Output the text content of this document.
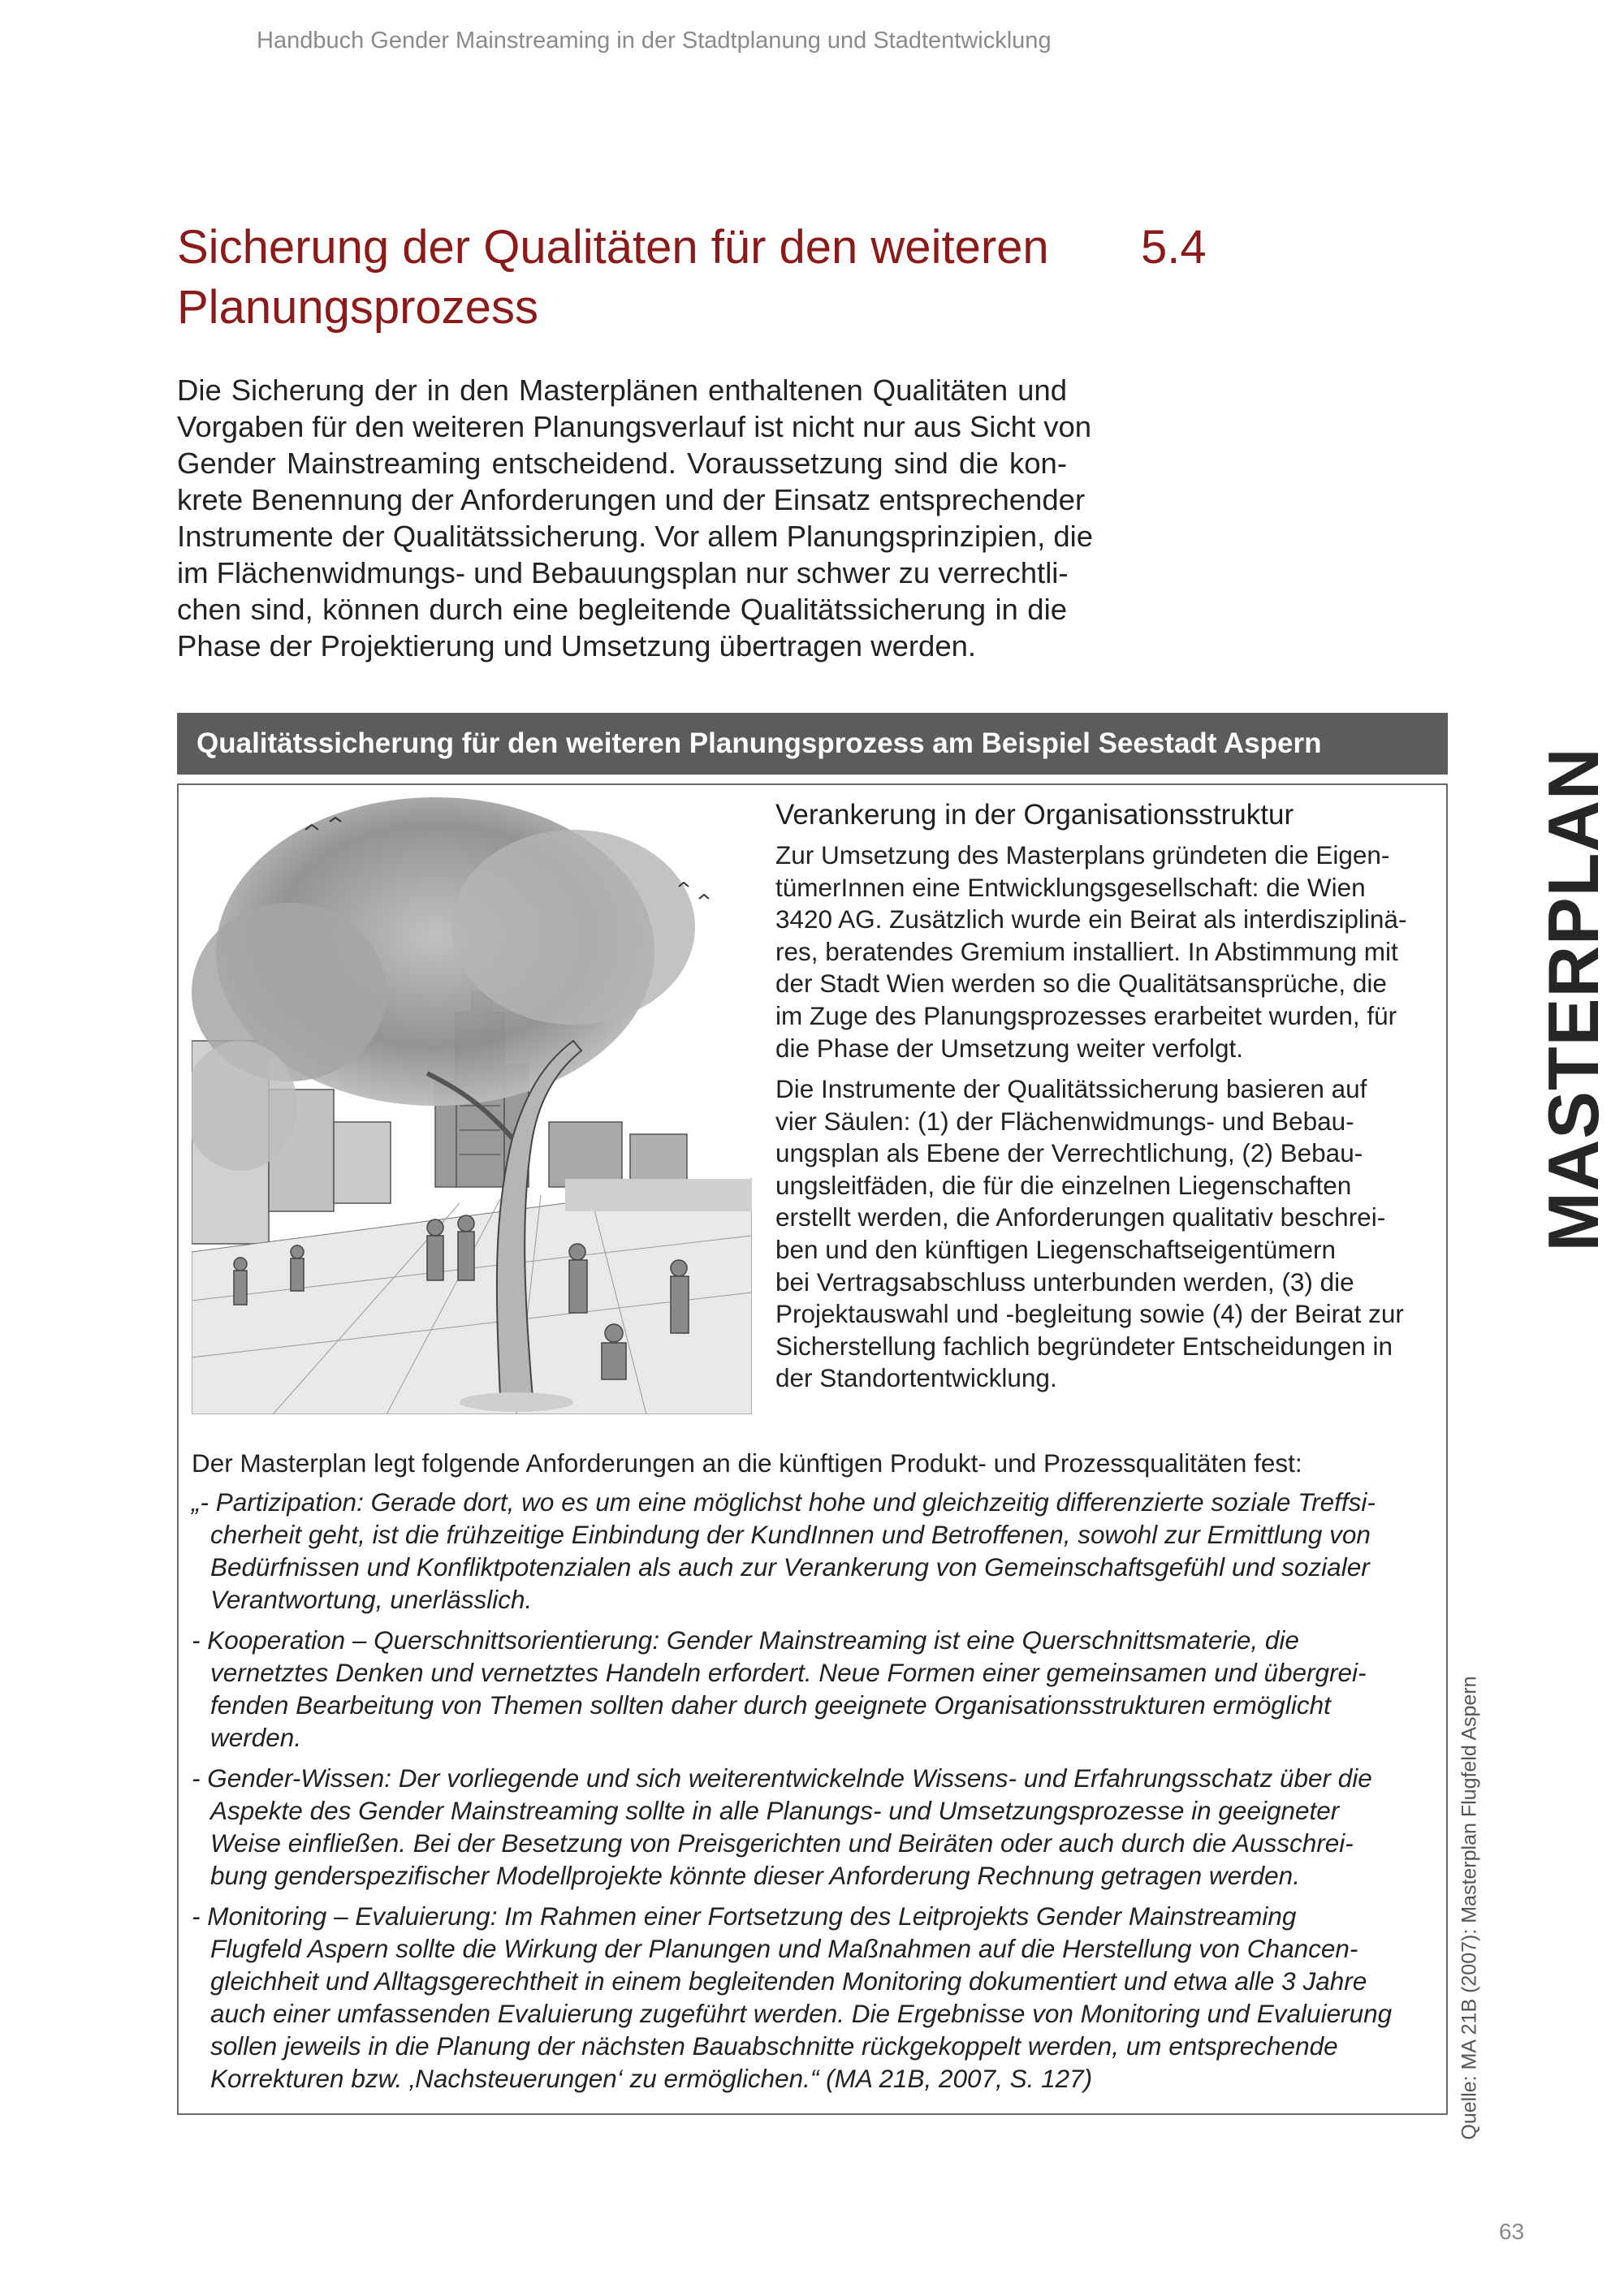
Handbuch Gender Mainstreaming in der Stadtplanung und Stadtentwicklung
Sicherung der Qualitäten für den weiteren
Planungsprozess
5.4
Die Sicherung der in den Masterplänen enthaltenen Qualitäten und
Vorgaben für den weiteren Planungsverlauf ist nicht nur aus Sicht von
Gender Mainstreaming entscheidend. Voraussetzung sind die kon-
krete Benennung der Anforderungen und der Einsatz entsprechender
Instrumente der Qualitätssicherung. Vor allem Planungsprinzipien, die
im Flächenwidmungs- und Bebauungsplan nur schwer zu verrechtli-
chen sind, können durch eine begleitende Qualitätssicherung in die
Phase der Projektierung und Umsetzung übertragen werden.
Qualitätssicherung für den weiteren Planungsprozess am Beispiel Seestadt Aspern
Verankerung in der Organisationsstruktur
Zur Umsetzung des Masterplans gründeten die Eigen-
tümerInnen eine Entwicklungsgesellschaft: die Wien
3420 AG. Zusätzlich wurde ein Beirat als interdisziplinä-
res, beratendes Gremium installiert. In Abstimmung mit
der Stadt Wien werden so die Qualitätsansprüche, die
im Zuge des Planungsprozesses erarbeitet wurden, für
die Phase der Umsetzung weiter verfolgt.
Die Instrumente der Qualitätssicherung basieren auf
vier Säulen: (1) der Flächenwidmungs- und Bebau-
ungsplan als Ebene der Verrechtlichung, (2) Bebau-
ungsleitfäden, die für die einzelnen Liegenschaften
erstellt werden, die Anforderungen qualitativ beschrei-
ben und den künftigen Liegenschaftseigentümern
bei Vertragsabschluss unterbunden werden, (3) die
Projektauswahl und -begleitung sowie (4) der Beirat zur
Sicherstellung fachlich begründeter Entscheidungen in
der Standortentwicklung.
Der Masterplan legt folgende Anforderungen an die künftigen Produkt- und Prozessqualitäten fest:
„- Partizipation: Gerade dort, wo es um eine möglichst hohe und gleichzeitig differenzierte soziale Treffsi-
cherheit geht, ist die frühzeitige Einbindung der KundInnen und Betroffenen, sowohl zur Ermittlung von
Bedürfnissen und Konfliktpotenzialen als auch zur Verankerung von Gemeinschaftsgefühl und sozialer
Verantwortung, unerlässlich.
- Kooperation – Querschnittsorientierung: Gender Mainstreaming ist eine Querschnittsmaterie, die
vernetztes Denken und vernetztes Handeln erfordert. Neue Formen einer gemeinsamen und übergrei-
fenden Bearbeitung von Themen sollten daher durch geeignete Organisationsstrukturen ermöglicht
werden.
- Gender-Wissen: Der vorliegende und sich weiterentwickelnde Wissens- und Erfahrungsschatz über die
Aspekte des Gender Mainstreaming sollte in alle Planungs- und Umsetzungsprozesse in geeigneter
Weise einfließen. Bei der Besetzung von Preisgerichten und Beiräten oder auch durch die Ausschrei-
bung genderspezifischer Modellprojekte könnte dieser Anforderung Rechnung getragen werden.
- Monitoring – Evaluierung: Im Rahmen einer Fortsetzung des Leitprojekts Gender Mainstreaming
Flugfeld Aspern sollte die Wirkung der Planungen und Maßnahmen auf die Herstellung von Chancen-
gleichheit und Alltagsgerechtheit in einem begleitenden Monitoring dokumentiert und etwa alle 3 Jahre
auch einer umfassenden Evaluierung zugeführt werden. Die Ergebnisse von Monitoring und Evaluierung
sollen jeweils in die Planung der nächsten Bauabschnitte rückgekoppelt werden, um entsprechende
Korrekturen bzw. ‚Nachsteuerungen‘ zu ermöglichen.“ (MA 21B, 2007, S. 127)
MASTERPLAN
Quelle: MA 21B (2007): Masterplan Flugfeld Aspern
63
